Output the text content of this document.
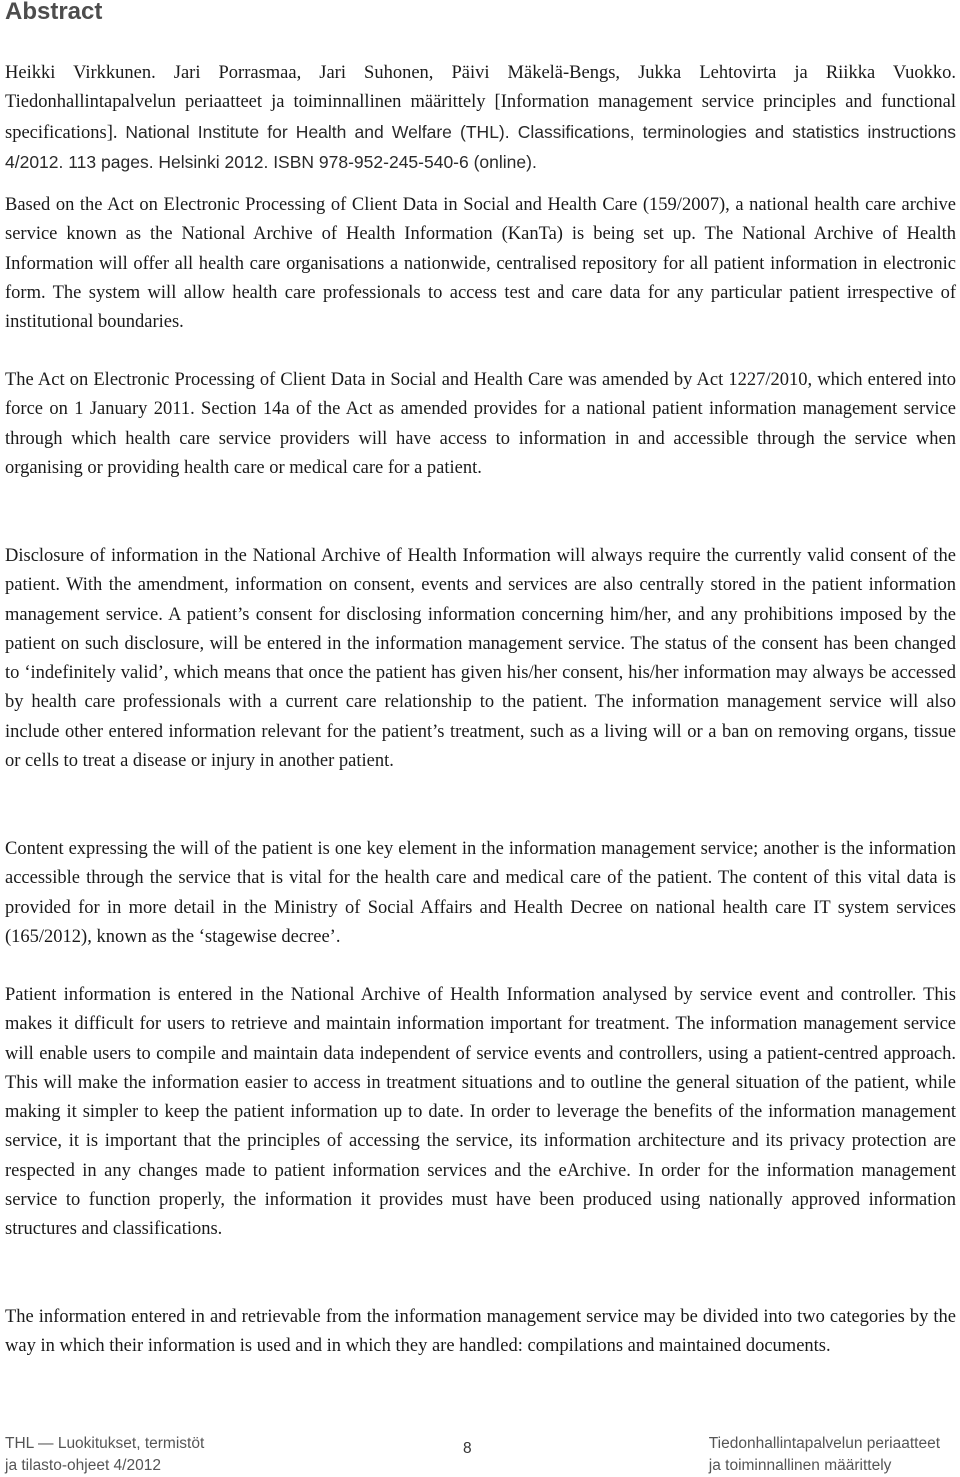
Abstract

Heikki Virkkunen. Jari Porrasmaa, Jari Suhonen, Päivi Mäkelä-Bengs, Jukka Lehtovirta ja Riikka Vuokko. Tiedonhallintapalvelun periaatteet ja toiminnallinen määrittely [Information management service principles and functional specifications]. National Institute for Health and Welfare (THL). Classifications, terminologies and statistics instructions 4/2012. 113 pages. Helsinki 2012. ISBN 978-952-245-540-6 (online).

Based on the Act on Electronic Processing of Client Data in Social and Health Care (159/2007), a national health care archive service known as the National Archive of Health Information (KanTa) is being set up. The National Archive of Health Information will offer all health care organisations a nationwide, centralised repository for all patient information in electronic form. The system will allow health care professionals to access test and care data for any particular patient irrespective of institutional boundaries.

The Act on Electronic Processing of Client Data in Social and Health Care was amended by Act 1227/2010, which entered into force on 1 January 2011. Section 14a of the Act as amended provides for a national patient information management service through which health care service providers will have access to information in and accessible through the service when organising or providing health care or medical care for a patient.

Disclosure of information in the National Archive of Health Information will always require the currently valid consent of the patient. With the amendment, information on consent, events and services are also centrally stored in the patient information management service. A patient’s consent for disclosing information concerning him/her, and any prohibitions imposed by the patient on such disclosure, will be entered in the information management service. The status of the consent has been changed to ‘indefinitely valid’, which means that once the patient has given his/her consent, his/her information may always be accessed by health care professionals with a current care relationship to the patient. The information management service will also include other entered information relevant for the patient’s treatment, such as a living will or a ban on removing organs, tissue or cells to treat a disease or injury in another patient.

Content expressing the will of the patient is one key element in the information management service; another is the information accessible through the service that is vital for the health care and medical care of the patient. The content of this vital data is provided for in more detail in the Ministry of Social Affairs and Health Decree on national health care IT system services (165/2012), known as the ‘stagewise decree’.

Patient information is entered in the National Archive of Health Information analysed by service event and controller. This makes it difficult for users to retrieve and maintain information important for treatment. The information management service will enable users to compile and maintain data independent of service events and controllers, using a patient-centred approach. This will make the information easier to access in treatment situations and to outline the general situation of the patient, while making it simpler to keep the patient information up to date. In order to leverage the benefits of the information management service, it is important that the principles of accessing the service, its information architecture and its privacy protection are respected in any changes made to patient information services and the eArchive. In order for the information management service to function properly, the information it provides must have been produced using nationally approved information structures and classifications.

The information entered in and retrievable from the information management service may be divided into two categories by the way in which their information is used and in which they are handled: compilations and maintained documents.

THL — Luokitukset, termistöt
ja tilasto-ohjeet 4/2012
8	Tiedonhallintapalvelun periaatteet
ja toiminnallinen määrittely
